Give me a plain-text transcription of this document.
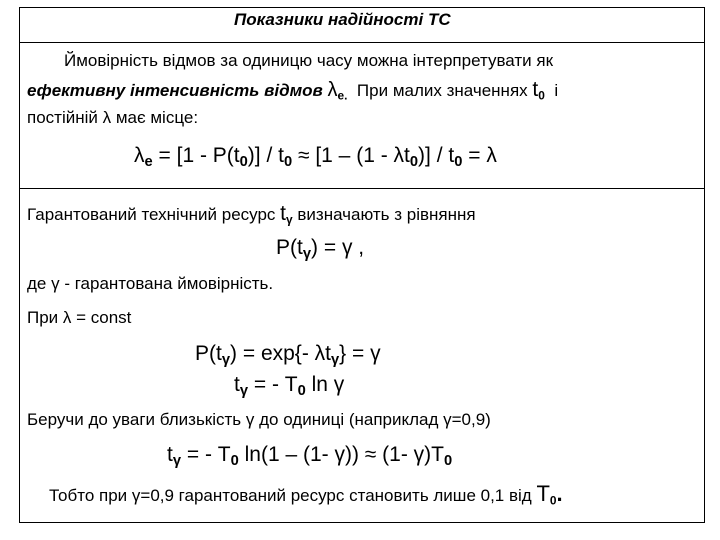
Показники надійності ТС
Ймовірність відмов за одиницю часу можна інтерпретувати як
ефективну інтенсивність відмов $\lambda_{е.}$ При малих значеннях $t_0$ і
постійній λ має місце:
$\lambda_е = [1 - P(t_0)] / t_0 \approx [1 - (1 - \lambda t_0)] / t_0 = \lambda$
Гарантований технічний ресурс $t_\gamma$ визначають з рівняння
$P(t_\gamma) = \gamma$ ,
де γ - гарантована ймовірність.
При λ = const
$P(t_\gamma) = \exp\{-$ $\lambda t_\gamma\} = \gamma$
$t_\gamma$ = - $T_0$ ln γ
Беручи до уваги близькість γ до одиниці (наприклад γ=0,9)
$t_\gamma$ = - $T_0$ ln(1 – (1- γ)) ≈ (1- $\gamma)T_0$
Тобто при γ=0,9 гарантований ресурс становить лише 0,1 від $T_0$.
